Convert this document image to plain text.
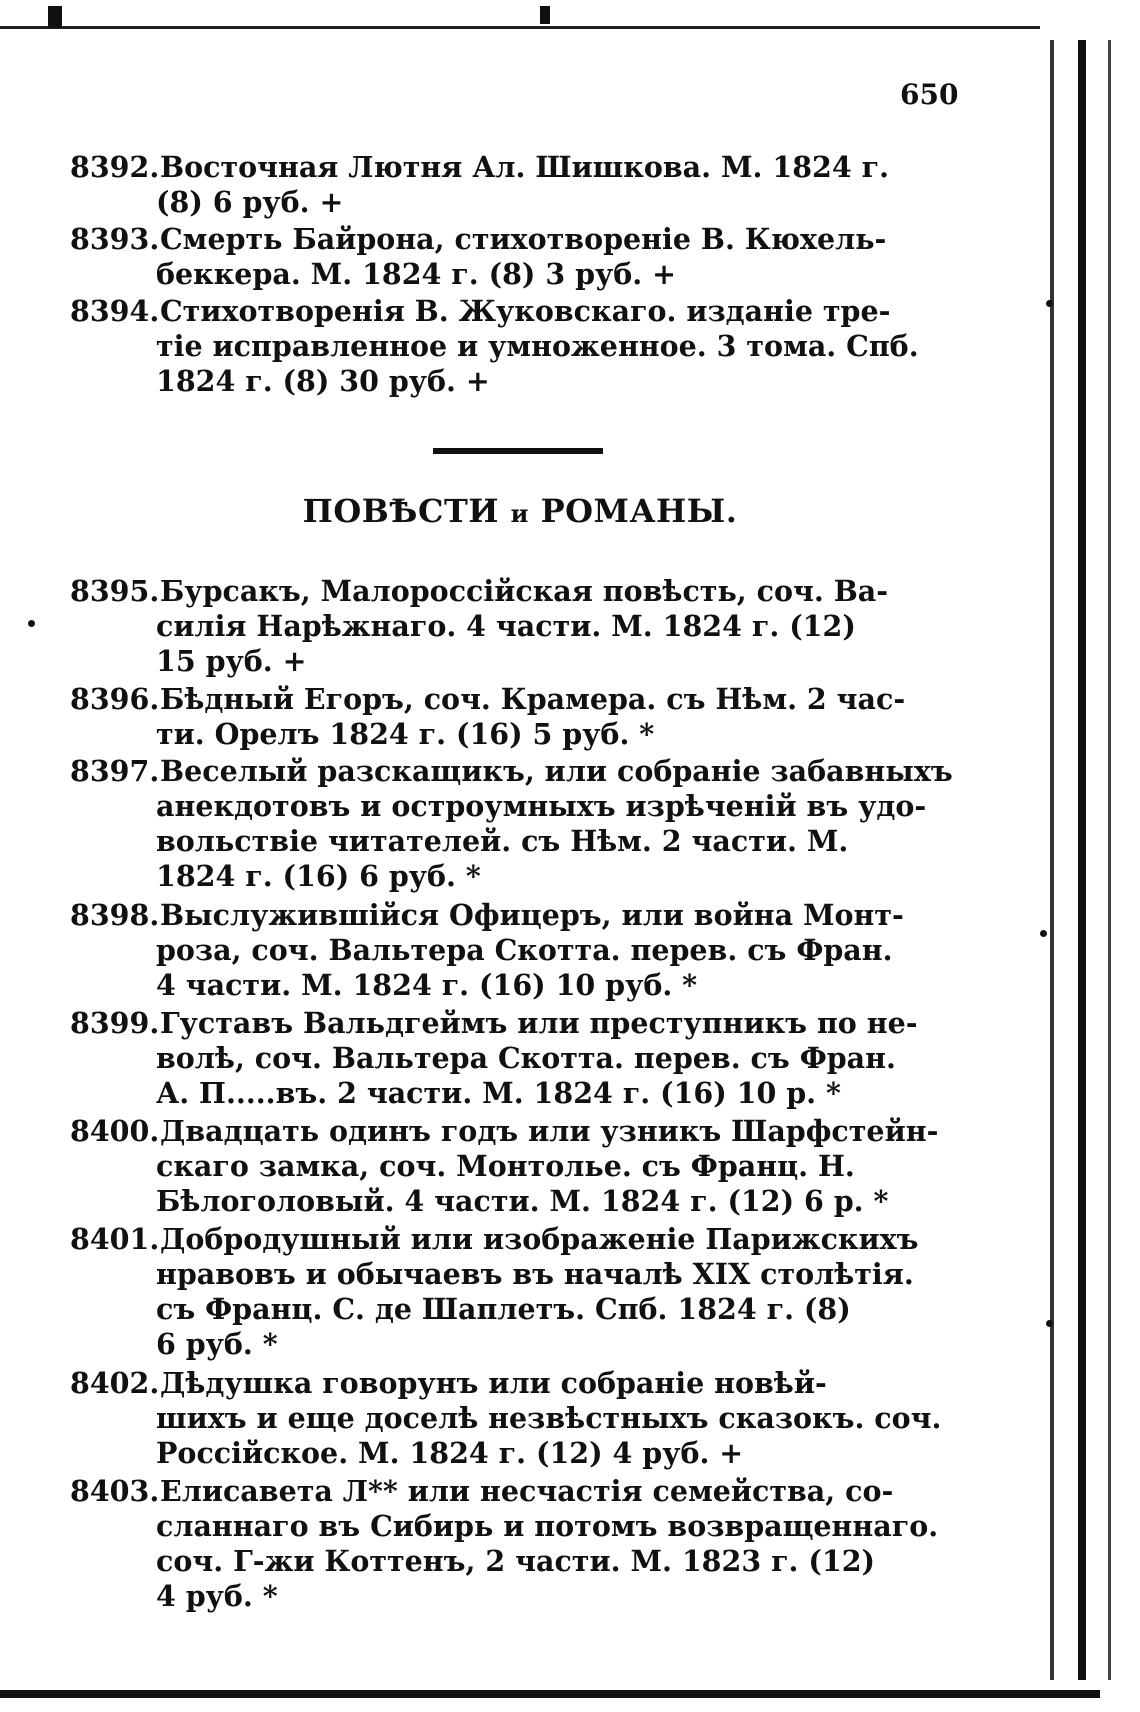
650
8392.Восточная Лютня Ал. Шишкова. М. 1824 г.
(8) 6 руб. +
8393.Смерть Байрона, стихотвореніе В. Кюхель-
беккера. М. 1824 г. (8) 3 руб. +
8394.Стихотворенія В. Жуковскаго. изданіе тре-
тіе исправленное и умноженное. 3 тома. Спб.
1824 г. (8) 30 руб. +
ПОВѢСТИ и РОМАНЫ.
8395.Бурсакъ, Малороссійская повѣсть, соч. Ва-
силія Нарѣжнаго. 4 части. М. 1824 г. (12)
15 руб. +
8396.Бѣдный Егоръ, соч. Крамера. съ Нѣм. 2 час-
ти. Орелъ 1824 г. (16) 5 руб. *
8397.Веселый разскащикъ, или собраніе забавныхъ
анекдотовъ и остроумныхъ изрѣченій въ удо-
вольствіе читателей. съ Нѣм. 2 части. М.
1824 г. (16) 6 руб. *
8398.Выслужившійся Офицеръ, или война Монт-
роза, соч. Вальтера Скотта. перев. съ Фран.
4 части. М. 1824 г. (16) 10 руб. *
8399.Густавъ Вальдгеймъ или преступникъ по не-
волѣ, соч. Вальтера Скотта. перев. съ Фран.
А. П.....въ. 2 части. М. 1824 г. (16) 10 р. *
8400.Двадцать одинъ годъ или узникъ Шарфстейн-
скаго замка, соч. Монтолье. съ Франц. Н.
Бѣлоголовый. 4 части. М. 1824 г. (12) 6 р. *
8401.Добродушный или изображеніе Парижскихъ
нравовъ и обычаевъ въ началѣ XIX столѣтія.
съ Франц. С. де Шаплетъ. Спб. 1824 г. (8)
6 руб. *
8402.Дѣдушка говорунъ или собраніе новѣй-
шихъ и еще доселѣ незвѣстныхъ сказокъ. соч.
Россійское. М. 1824 г. (12) 4 руб. +
8403.Елисавета Л** или несчастія семейства, со-
сланнаго въ Сибирь и потомъ возвращеннаго.
соч. Г-жи Коттенъ, 2 части. М. 1823 г. (12)
4 руб. *
